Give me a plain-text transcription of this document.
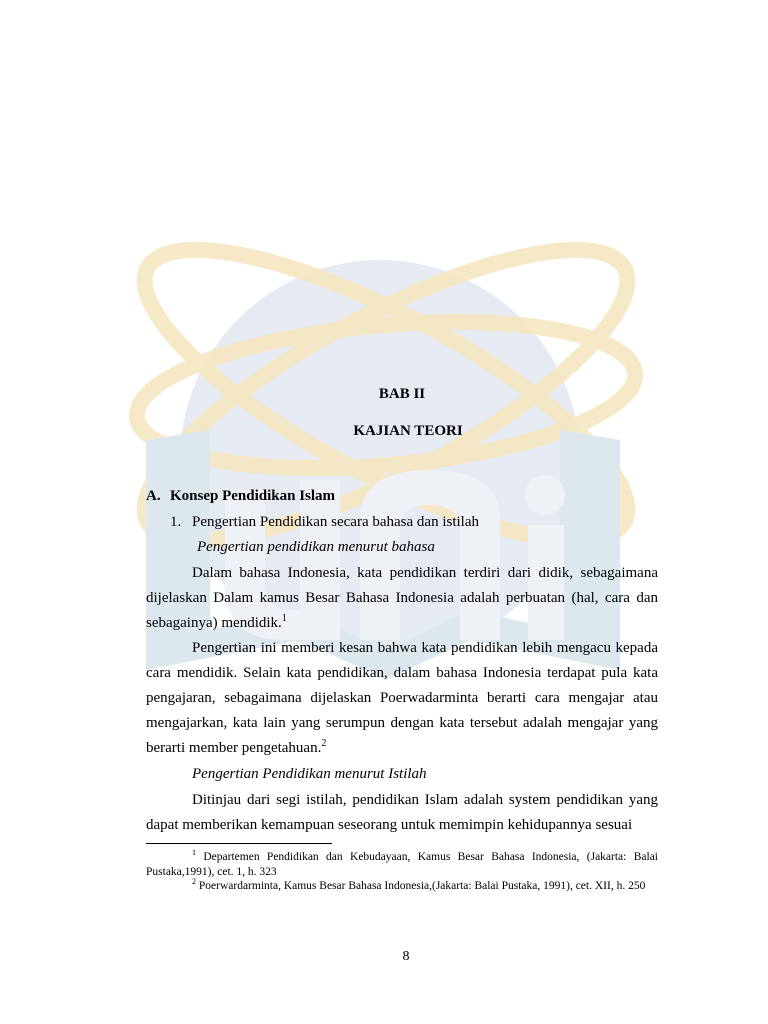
BAB II
KAJIAN TEORI
A. Konsep Pendidikan Islam
1. Pengertian Pendidikan secara bahasa dan istilah
Pengertian pendidikan menurut bahasa

Dalam bahasa Indonesia, kata pendidikan terdiri dari didik, sebagaimana dijelaskan Dalam kamus Besar Bahasa Indonesia adalah perbuatan (hal, cara dan sebagainya) mendidik.$^1$

Pengertian ini memberi kesan bahwa kata pendidikan lebih mengacu kepada cara mendidik. Selain kata pendidikan, dalam bahasa Indonesia terdapat pula kata pengajaran, sebagaimana dijelaskan Poerwadarminta berarti cara mengajar atau mengajarkan, kata lain yang serumpun dengan kata tersebut adalah mengajar yang berarti member pengetahuan.$^2$

Pengertian Pendidikan menurut Istilah

Ditinjau dari segi istilah, pendidikan Islam adalah system pendidikan yang dapat memberikan kemampuan seseorang untuk memimpin kehidupannya sesuai

$^1$ Departemen Pendidikan dan Kebudayaan, Kamus Besar Bahasa Indonesia, (Jakarta: Balai Pustaka,1991), cet. 1, h. 323
$^2$ Poerwardarminta, Kamus Besar Bahasa Indonesia,(Jakarta: Balai Pustaka, 1991), cet. XII, h. 250
8
